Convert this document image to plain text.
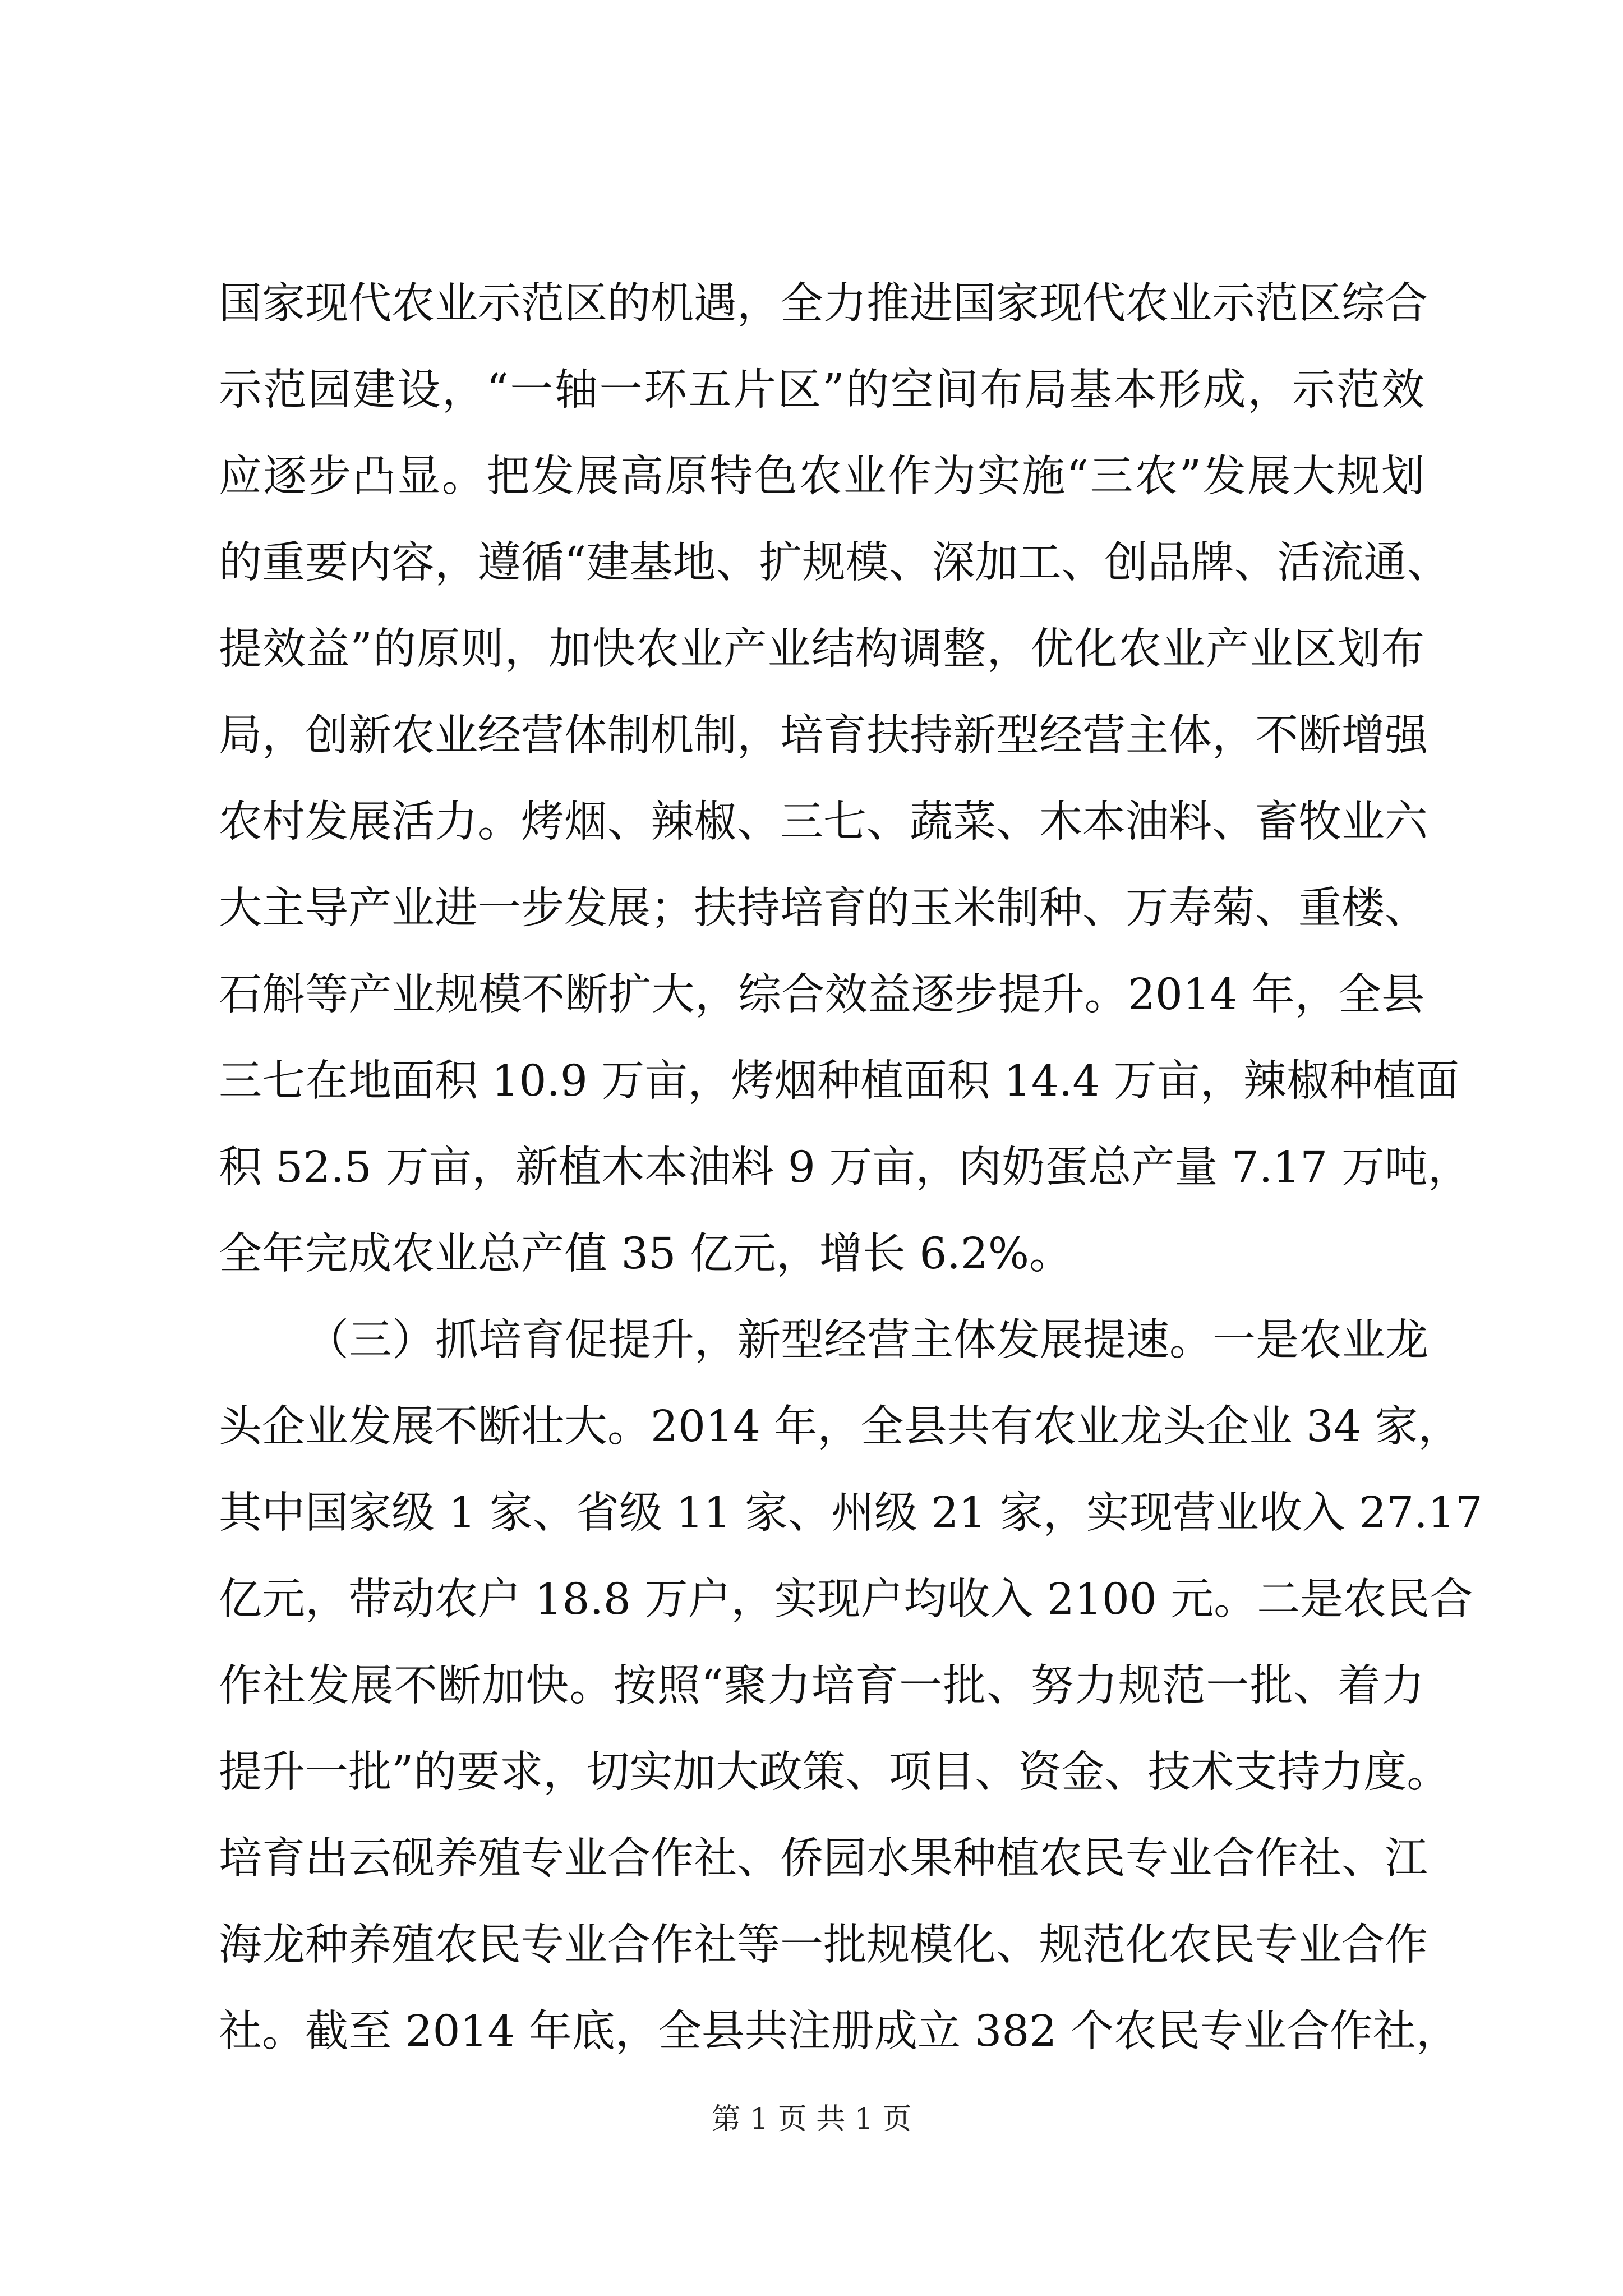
国家现代农业示范区的机遇，全力推进国家现代农业示范区综合
示范园建设，“一轴一环五片区”的空间布局基本形成，示范效
应逐步凸显。把发展高原特色农业作为实施“三农”发展大规划
的重要内容，遵循“建基地、扩规模、深加工、创品牌、活流通、
提效益”的原则，加快农业产业结构调整，优化农业产业区划布
局，创新农业经营体制机制，培育扶持新型经营主体，不断增强
农村发展活力。烤烟、辣椒、三七、蔬菜、木本油料、畜牧业六
大主导产业进一步发展；扶持培育的玉米制种、万寿菊、重楼、
石斛等产业规模不断扩大，综合效益逐步提升。2014 年，全县
三七在地面积 10.9 万亩，烤烟种植面积 14.4 万亩，辣椒种植面
积 52.5 万亩，新植木本油料 9 万亩，肉奶蛋总产量 7.17 万吨，
全年完成农业总产值 35 亿元，增长 6.2%。
（三）抓培育促提升，新型经营主体发展提速。一是农业龙
头企业发展不断壮大。2014 年，全县共有农业龙头企业 34 家，
其中国家级 1 家、省级 11 家、州级 21 家，实现营业收入 27.17
亿元，带动农户 18.8 万户，实现户均收入 2100 元。二是农民合
作社发展不断加快。按照“聚力培育一批、努力规范一批、着力
提升一批”的要求，切实加大政策、项目、资金、技术支持力度。
培育出云砚养殖专业合作社、侨园水果种植农民专业合作社、江
海龙种养殖农民专业合作社等一批规模化、规范化农民专业合作
社。截至 2014 年底，全县共注册成立 382 个农民专业合作社，
第 1 页 共 1 页
